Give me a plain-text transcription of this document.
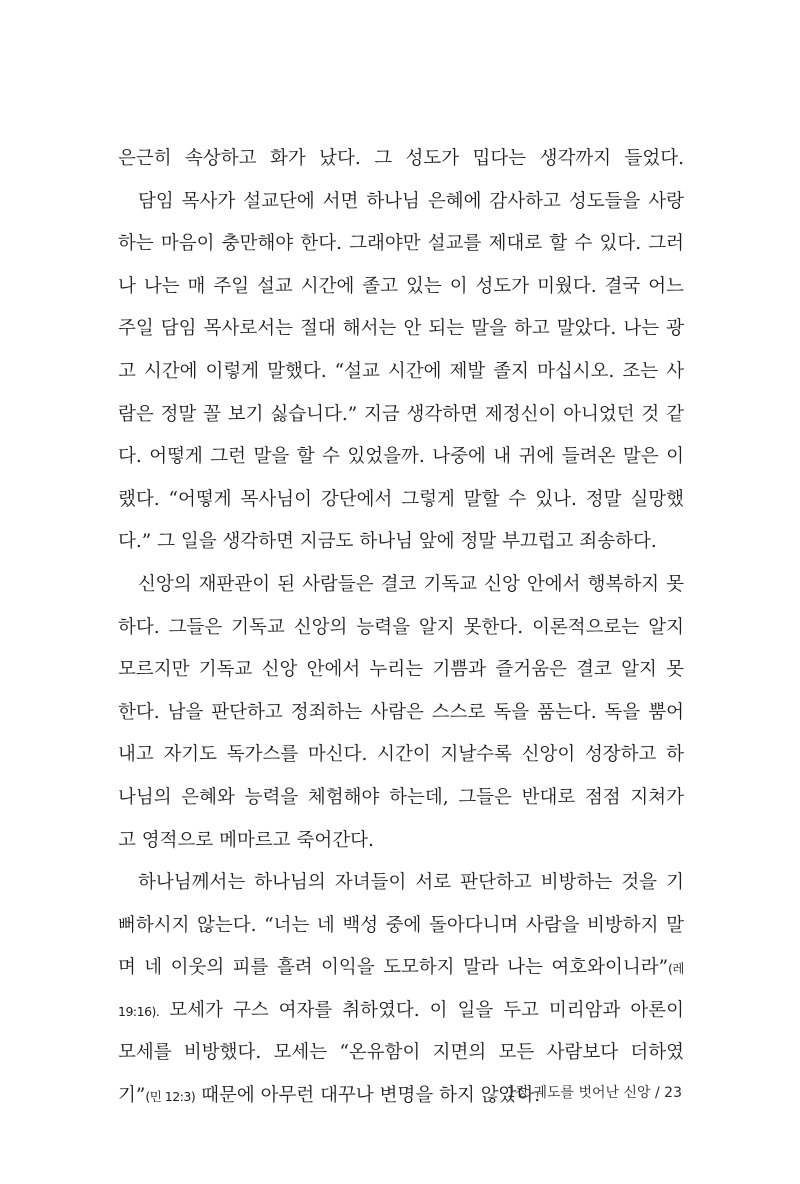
은근히 속상하고 화가 났다. 그 성도가 밉다는 생각까지 들었다.
담임 목사가 설교단에 서면 하나님 은혜에 감사하고 성도들을 사랑
하는 마음이 충만해야 한다. 그래야만 설교를 제대로 할 수 있다. 그러
나 나는 매 주일 설교 시간에 졸고 있는 이 성도가 미웠다. 결국 어느
주일 담임 목사로서는 절대 해서는 안 되는 말을 하고 말았다. 나는 광
고 시간에 이렇게 말했다. “설교 시간에 제발 졸지 마십시오. 조는 사
람은 정말 꼴 보기 싫습니다.” 지금 생각하면 제정신이 아니었던 것 같
다. 어떻게 그런 말을 할 수 있었을까. 나중에 내 귀에 들려온 말은 이
랬다. “어떻게 목사님이 강단에서 그렇게 말할 수 있나. 정말 실망했
다.” 그 일을 생각하면 지금도 하나님 앞에 정말 부끄럽고 죄송하다.
신앙의 재판관이 된 사람들은 결코 기독교 신앙 안에서 행복하지 못
하다. 그들은 기독교 신앙의 능력을 알지 못한다. 이론적으로는 알지
모르지만 기독교 신앙 안에서 누리는 기쁨과 즐거움은 결코 알지 못
한다. 남을 판단하고 정죄하는 사람은 스스로 독을 품는다. 독을 뿜어
내고 자기도 독가스를 마신다. 시간이 지날수록 신앙이 성장하고 하
나님의 은혜와 능력을 체험해야 하는데, 그들은 반대로 점점 지쳐가
고 영적으로 메마르고 죽어간다.
하나님께서는 하나님의 자녀들이 서로 판단하고 비방하는 것을 기
뻐하시지 않는다. “너는 네 백성 중에 돌아다니며 사람을 비방하지 말
며 네 이웃의 피를 흘려 이익을 도모하지 말라 나는 여호와이니라”(레
19:16). 모세가 구스 여자를 취하였다. 이 일을 두고 미리암과 아론이
모세를 비방했다. 모세는 “온유함이 지면의 모든 사람보다 더하였
기”(민 12:3) 때문에 아무런 대꾸나 변명을 하지 않았다.
1장 궤도를 벗어난 신앙 / 23
